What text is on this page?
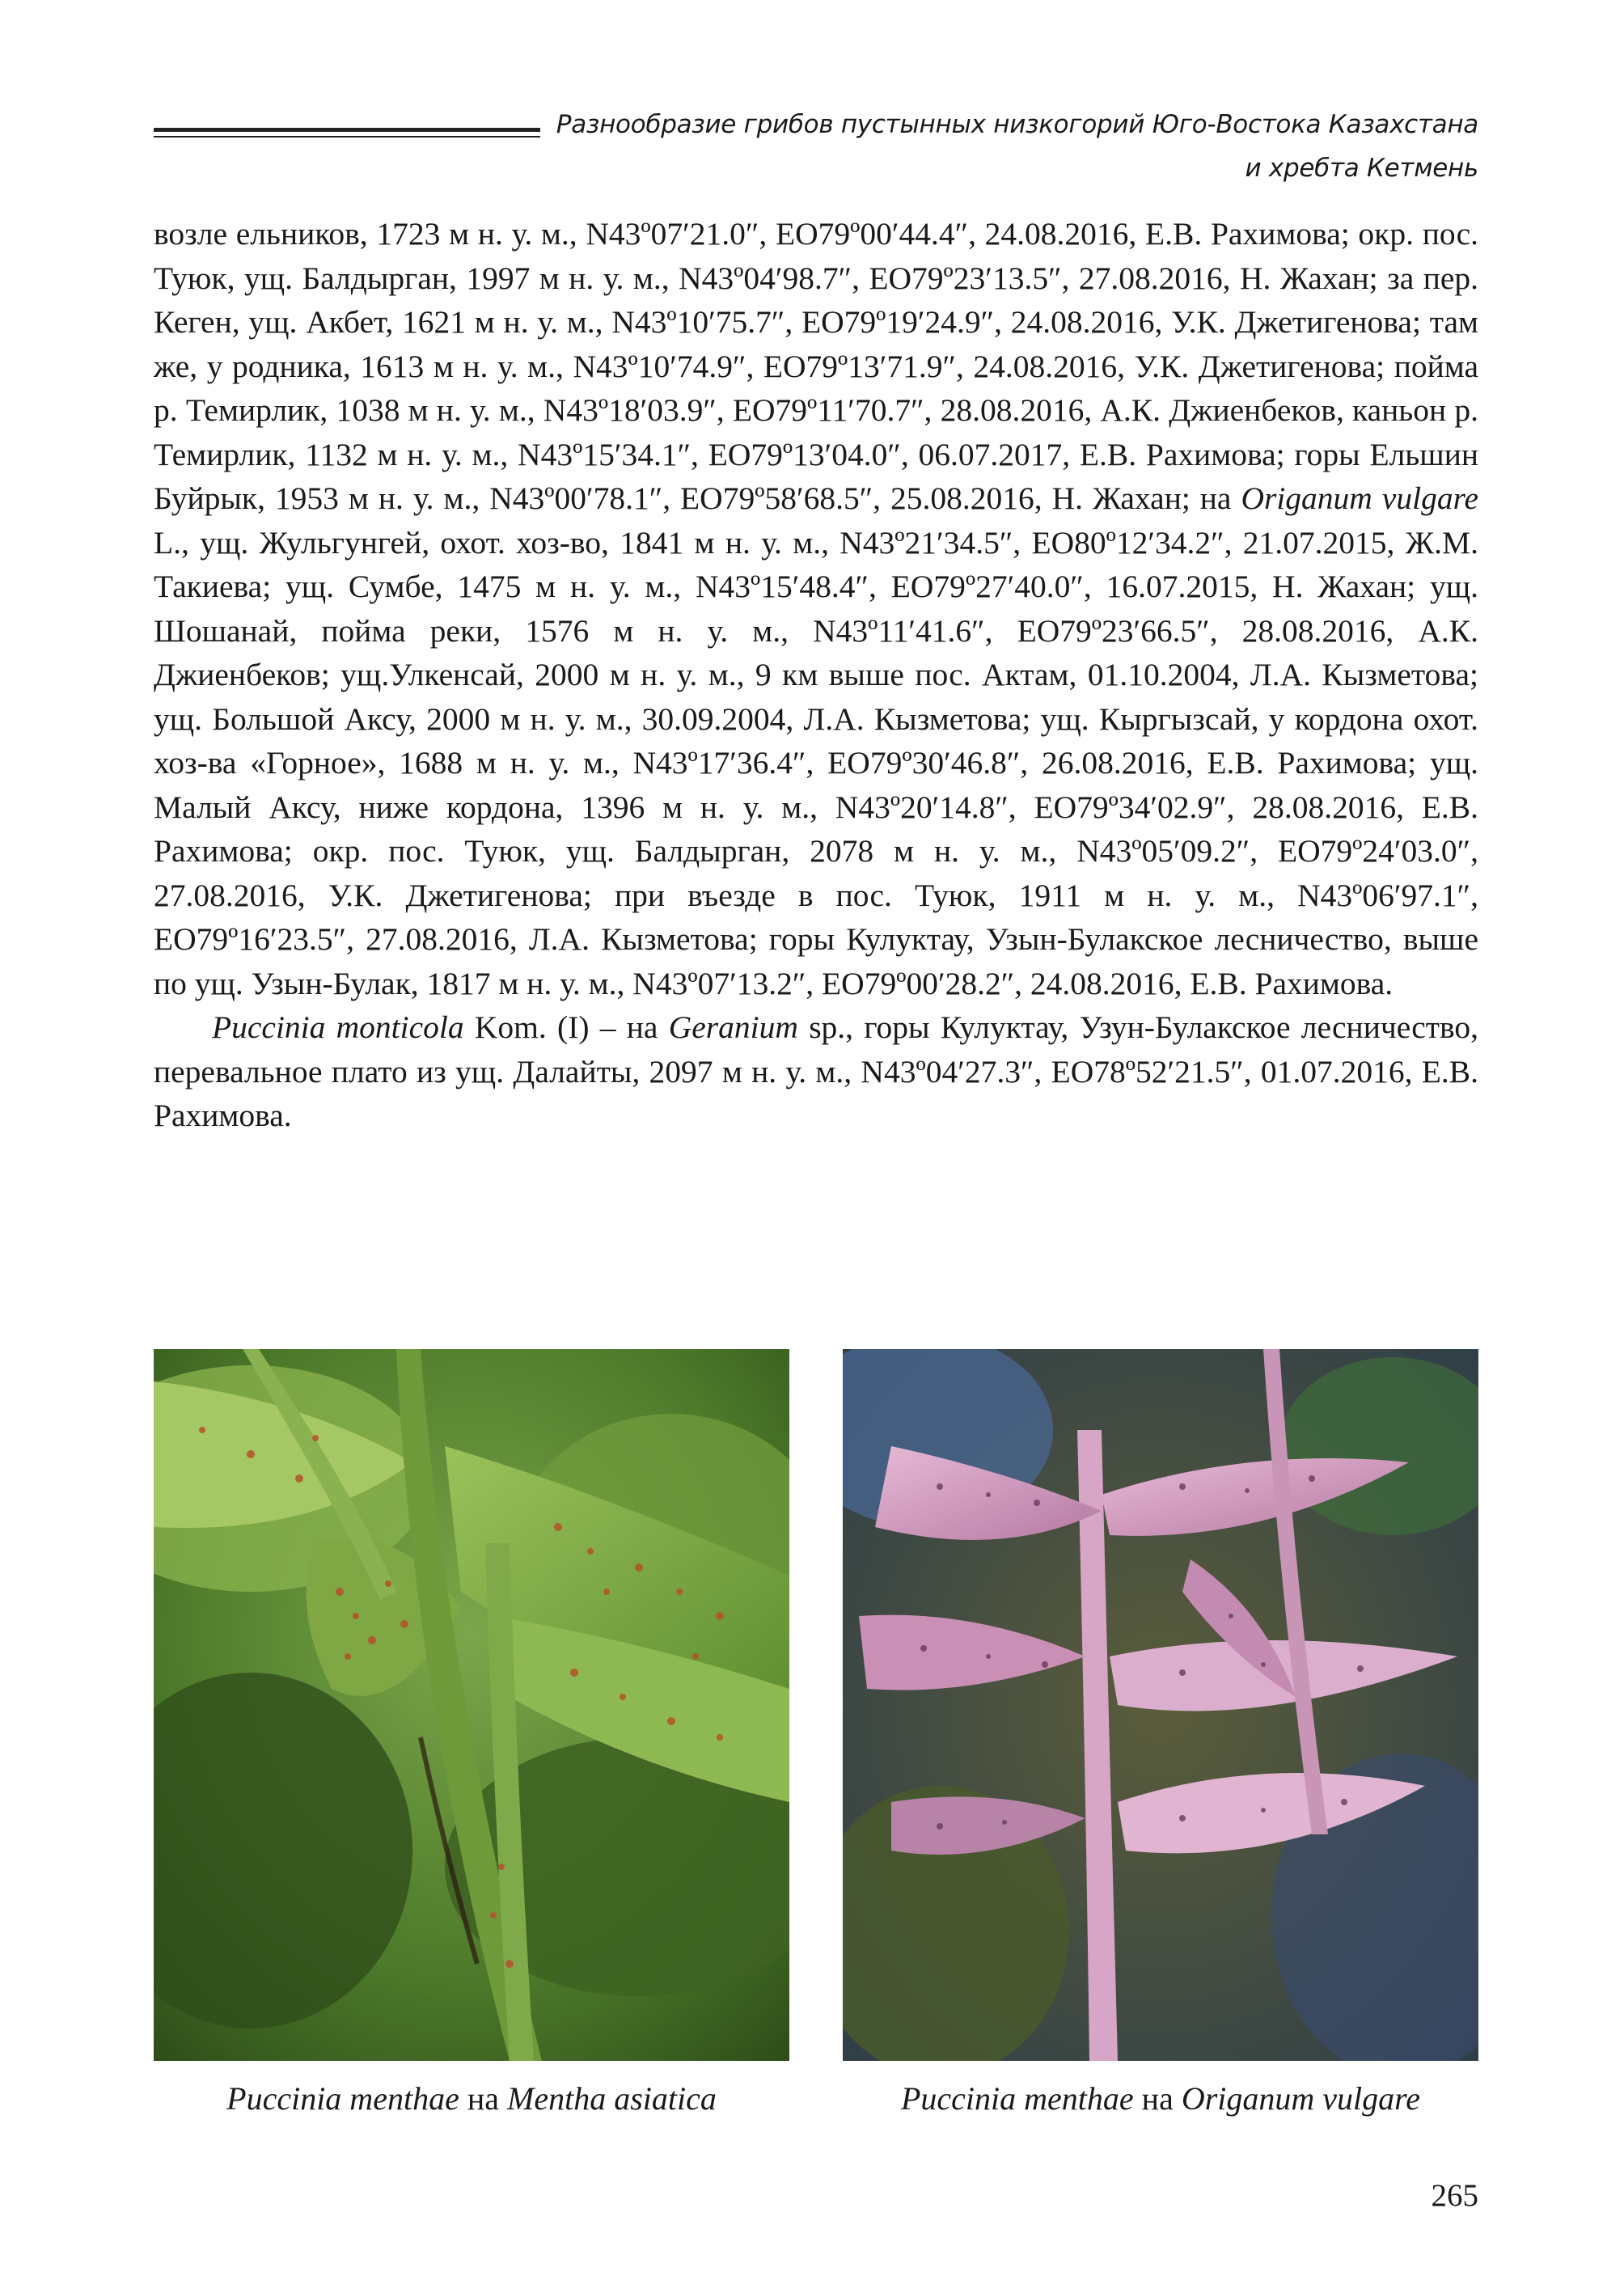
Разнообразие грибов пустынных низкогорий Юго-Востока Казахстана
и хребта Кетмень

возле ельников, 1723 м н. у. м., N43º07′21.0″, ЕО79º00′44.4″, 24.08.2016, Е.В. Рахимова; окр. пос. Туюк, ущ. Балдырган, 1997 м н. у. м., N43º04′98.7″, ЕО79º23′13.5″, 27.08.2016, Н. Жахан; за пер. Кеген, ущ. Акбет, 1621 м н. у. м., N43º10′75.7″, ЕО79º19′24.9″, 24.08.2016, У.К. Джетигенова; там же, у родника, 1613 м н. у. м., N43º10′74.9″, ЕО79º13′71.9″, 24.08.2016, У.К. Джетигенова; пойма р. Темирлик, 1038 м н. у. м., N43º18′03.9″, ЕО79º11′70.7″, 28.08.2016, А.К. Джиенбеков, каньон р. Темирлик, 1132 м н. у. м., N43º15′34.1″, ЕО79º13′04.0″, 06.07.2017, Е.В. Рахимова; горы Ельшин Буйрык, 1953 м н. у. м., N43º00′78.1″, ЕО79º58′68.5″, 25.08.2016, Н. Жахан; на Origanum vulgare L., ущ. Жульгунгей, охот. хоз-во, 1841 м н. у. м., N43º21′34.5″, ЕО80º12′34.2″, 21.07.2015, Ж.М. Такиева; ущ. Сумбе, 1475 м н. у. м., N43º15′48.4″, ЕО79º27′40.0″, 16.07.2015, Н. Жахан; ущ. Шошанай, пойма реки, 1576 м н. у. м., N43º11′41.6″, ЕО79º23′66.5″, 28.08.2016, А.К. Джиенбеков; ущ.Улкенсай, 2000 м н. у. м., 9 км выше пос. Актам, 01.10.2004, Л.А. Кызметова; ущ. Большой Аксу, 2000 м н. у. м., 30.09.2004, Л.А. Кызметова; ущ. Кыргызсай, у кордона охот. хоз-ва «Горное», 1688 м н. у. м., N43º17′36.4″, ЕО79º30′46.8″, 26.08.2016, Е.В. Рахимова; ущ. Малый Аксу, ниже кордона, 1396 м н. у. м., N43º20′14.8″, ЕО79º34′02.9″, 28.08.2016, Е.В. Рахимова; окр. пос. Туюк, ущ. Балдырган, 2078 м н. у. м., N43º05′09.2″, ЕО79º24′03.0″, 27.08.2016, У.К. Джетигенова; при въезде в пос. Туюк, 1911 м н. у. м., N43º06′97.1″, ЕО79º16′23.5″, 27.08.2016, Л.А. Кызметова; горы Кулуктау, Узын-Булакское лесничество, выше по ущ. Узын-Булак, 1817 м н. у. м., N43º07′13.2″, ЕО79º00′28.2″, 24.08.2016, Е.В. Рахимова.

Puccinia monticola Kom. (I) – на Geranium sp., горы Кулуктау, Узун-Булакское лесничество, перевальное плато из ущ. Далайты, 2097 м н. у. м., N43º04′27.3″, ЕО78º52′21.5″, 01.07.2016, Е.В. Рахимова.

Puccinia menthae на Mentha asiatica	Puccinia menthae на Origanum vulgare
265
